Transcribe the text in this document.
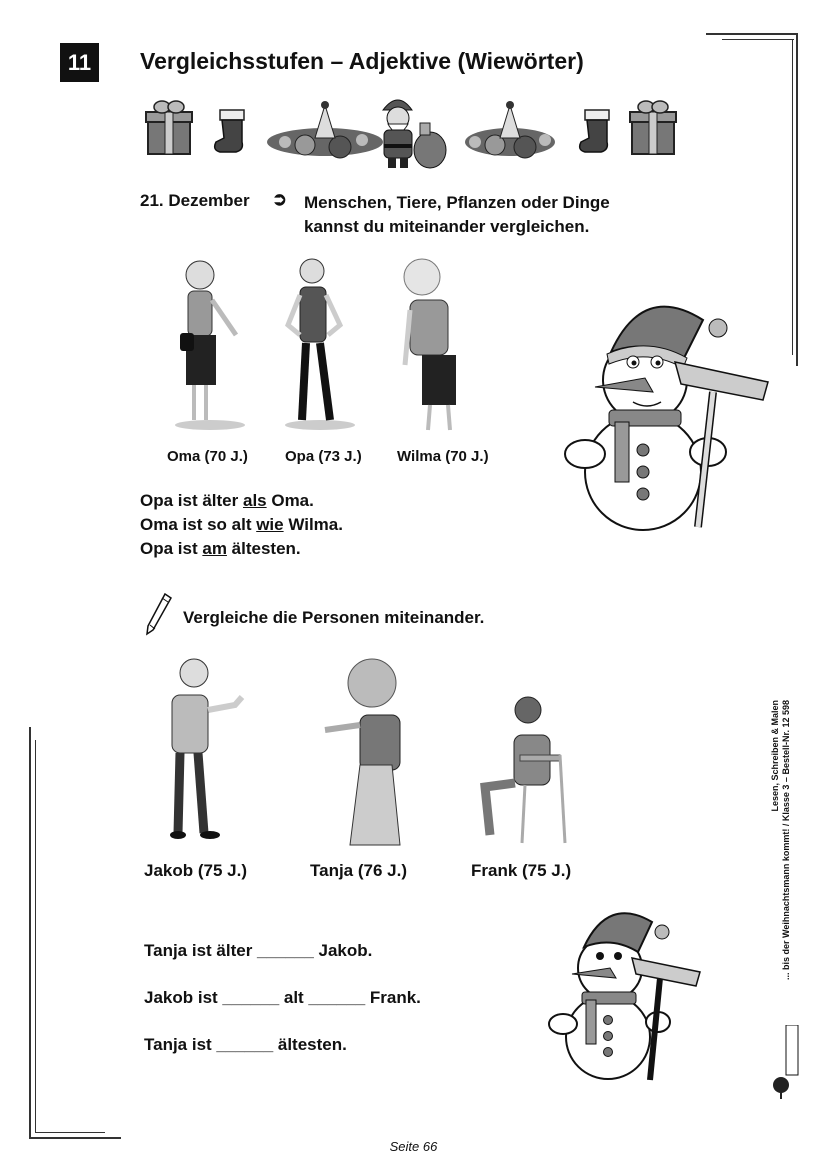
11	Vergleichsstufen – Adjektive (Wiewörter)
21. Dezember ➲ Menschen, Tiere, Pflanzen oder Dinge
kannst du miteinander vergleichen.
Oma (70 J.) Opa (73 J.) Wilma (70 J.)
Opa ist älter als Oma.
Oma ist so alt wie Wilma.
Opa ist am ältesten.
Vergleiche die Personen miteinander.
Jakob (75 J.)	Tanja (76 J.)	Frank (75 J.)
Tanja ist älter ______ Jakob.
Jakob ist ______ alt ______ Frank.
Tanja ist ______ ältesten.
Lesen, Schreiben & Malen ... bis der Weihnachtsmann kommt! / Klasse 3 – Bestell-Nr. 12 598
Seite 66
